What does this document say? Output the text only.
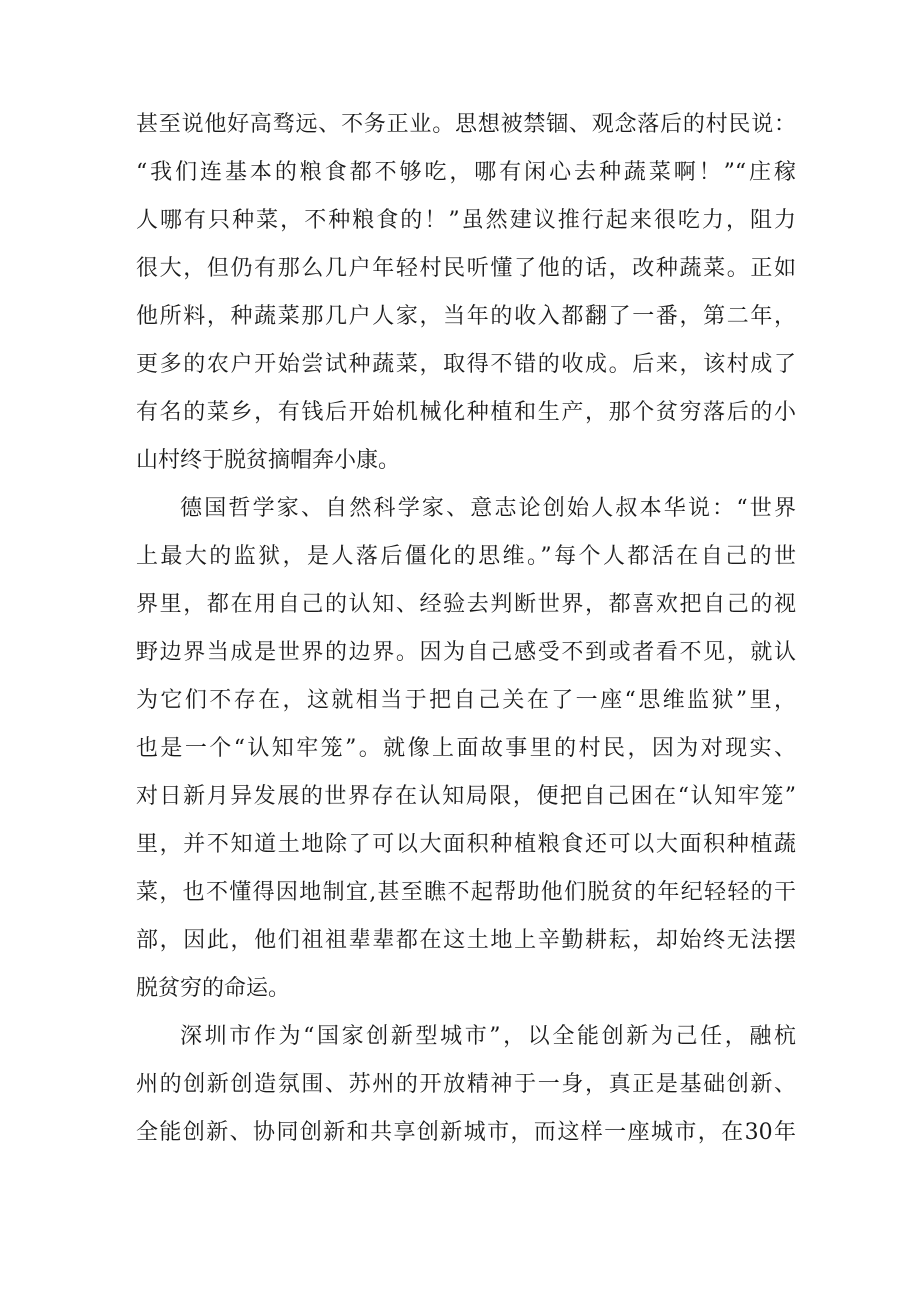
甚至说他好高骛远、不务正业。思想被禁锢、观念落后的村民说：
“我们连基本的粮食都不够吃，哪有闲心去种蔬菜啊！”“庄稼
人哪有只种菜，不种粮食的！”虽然建议推行起来很吃力，阻力
很大，但仍有那么几户年轻村民听懂了他的话，改种蔬菜。正如
他所料，种蔬菜那几户人家，当年的收入都翻了一番，第二年，
更多的农户开始尝试种蔬菜，取得不错的收成。后来，该村成了
有名的菜乡，有钱后开始机械化种植和生产，那个贫穷落后的小
山村终于脱贫摘帽奔小康。
德国哲学家、自然科学家、意志论创始人叔本华说：“世界
上最大的监狱，是人落后僵化的思维。”每个人都活在自己的世
界里，都在用自己的认知、经验去判断世界，都喜欢把自己的视
野边界当成是世界的边界。因为自己感受不到或者看不见，就认
为它们不存在，这就相当于把自己关在了一座“思维监狱”里，
也是一个“认知牢笼”。就像上面故事里的村民，因为对现实、
对日新月异发展的世界存在认知局限，便把自己困在“认知牢笼”
里，并不知道土地除了可以大面积种植粮食还可以大面积种植蔬
菜，也不懂得因地制宜,甚至瞧不起帮助他们脱贫的年纪轻轻的干
部，因此，他们祖祖辈辈都在这土地上辛勤耕耘，却始终无法摆
脱贫穷的命运。
深圳市作为“国家创新型城市”，以全能创新为己任，融杭
州的创新创造氛围、苏州的开放精神于一身，真正是基础创新、
全能创新、协同创新和共享创新城市，而这样一座城市，在30年
